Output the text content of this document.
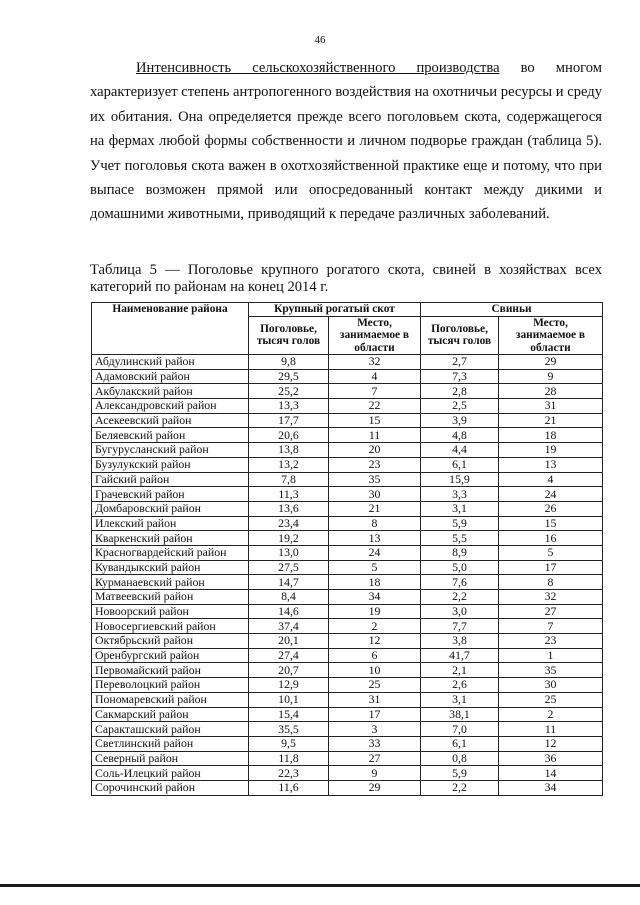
46

Интенсивность сельскохозяйственного производства во многом характеризует степень антропогенного воздействия на охотничьи ресурсы и среду их обитания. Она определяется прежде всего поголовьем скота, содержащегося на фермах любой формы собственности и личном подворье граждан (таблица 5). Учет поголовья скота важен в охотхозяйственной практике еще и потому, что при выпасе возможен прямой или опосредованный контакт между дикими и домашними животными, приводящий к передаче различных заболеваний.

Таблица 5 — Поголовье крупного рогатого скота, свиней в хозяйствах всех категорий по районам на конец 2014 г.

Наименование района	Крупный рогатый скот		Свиньи	
	Поголовье, тысяч голов	Место, занимаемое в области	Поголовье, тысяч голов	Место, занимаемое в области
Абдулинский район	9,8	32	2,7	29
Адамовский район	29,5	4	7,3	9
Акбулакский район	25,2	7	2,8	28
Александровский район	13,3	22	2,5	31
Асекеевский район	17,7	15	3,9	21
Беляевский район	20,6	11	4,8	18
Бугурусланский район	13,8	20	4,4	19
Бузулукский район	13,2	23	6,1	13
Гайский район	7,8	35	15,9	4
Грачевский район	11,3	30	3,3	24
Домбаровский район	13,6	21	3,1	26
Илекский район	23,4	8	5,9	15
Кваркенский район	19,2	13	5,5	16
Красногвардейский район	13,0	24	8,9	5
Кувандыкский район	27,5	5	5,0	17
Курманаевский район	14,7	18	7,6	8
Матвеевский район	8,4	34	2,2	32
Новоорский район	14,6	19	3,0	27
Новосергиевский район	37,4	2	7,7	7
Октябрьский район	20,1	12	3,8	23
Оренбургский район	27,4	6	41,7	1
Первомайский район	20,7	10	2,1	35
Переволоцкий район	12,9	25	2,6	30
Пономаревский район	10,1	31	3,1	25
Сакмарский район	15,4	17	38,1	2
Саракташский район	35,5	3	7,0	11
Светлинский район	9,5	33	6,1	12
Северный район	11,8	27	0,8	36
Соль-Илецкий район	22,3	9	5,9	14
Сорочинский район	11,6	29	2,2	34
